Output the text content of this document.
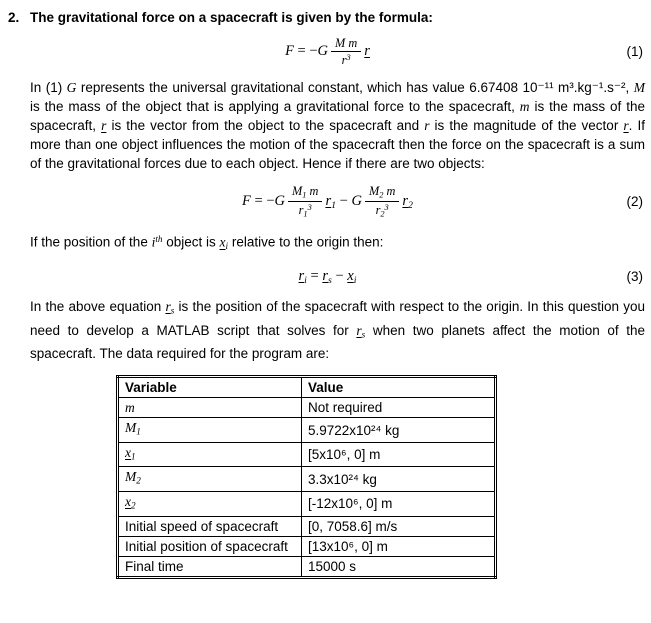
2. The gravitational force on a spacecraft is given by the formula:
$F = -G \frac{\text{M m}}{r^3}$ r	(1)

In (1) G represents the universal gravitational constant, which has value 6.67408 10⁻¹¹ m³.kg⁻¹.s⁻², M is the mass of the object that is applying a gravitational force to the spacecraft, m is the mass of the spacecraft, r is the vector from the object to the spacecraft and r is the magnitude of the vector r. If more than one object influences the motion of the spacecraft then the force on the spacecraft is a sum of the gravitational forces due to each object. Hence if there are two objects:

$F = -G \frac{M1 m}{r1^3} r1 - G \frac{M2 m}{r2^3} r2$	(2)

If the position of the $i^{th}$ object is xi relative to the origin then:

ri = rs − xi	(3)

In the above equation rs is the position of the spacecraft with respect to the origin. In this question you need to develop a MATLAB script that solves for rs when two planets affect the motion of the spacecraft. The data required for the program are:

Variable	Value
m	Not required
M1	5.9722x10²⁴ kg
x1	[5x10⁶, 0] m
M2	3.3x10²⁴ kg
x2	[-12x10⁶, 0] m
Initial speed of spacecraft	[0, 7058.6] m/s
Initial position of spacecraft	[13x10⁶, 0] m
Final time	15000 s
